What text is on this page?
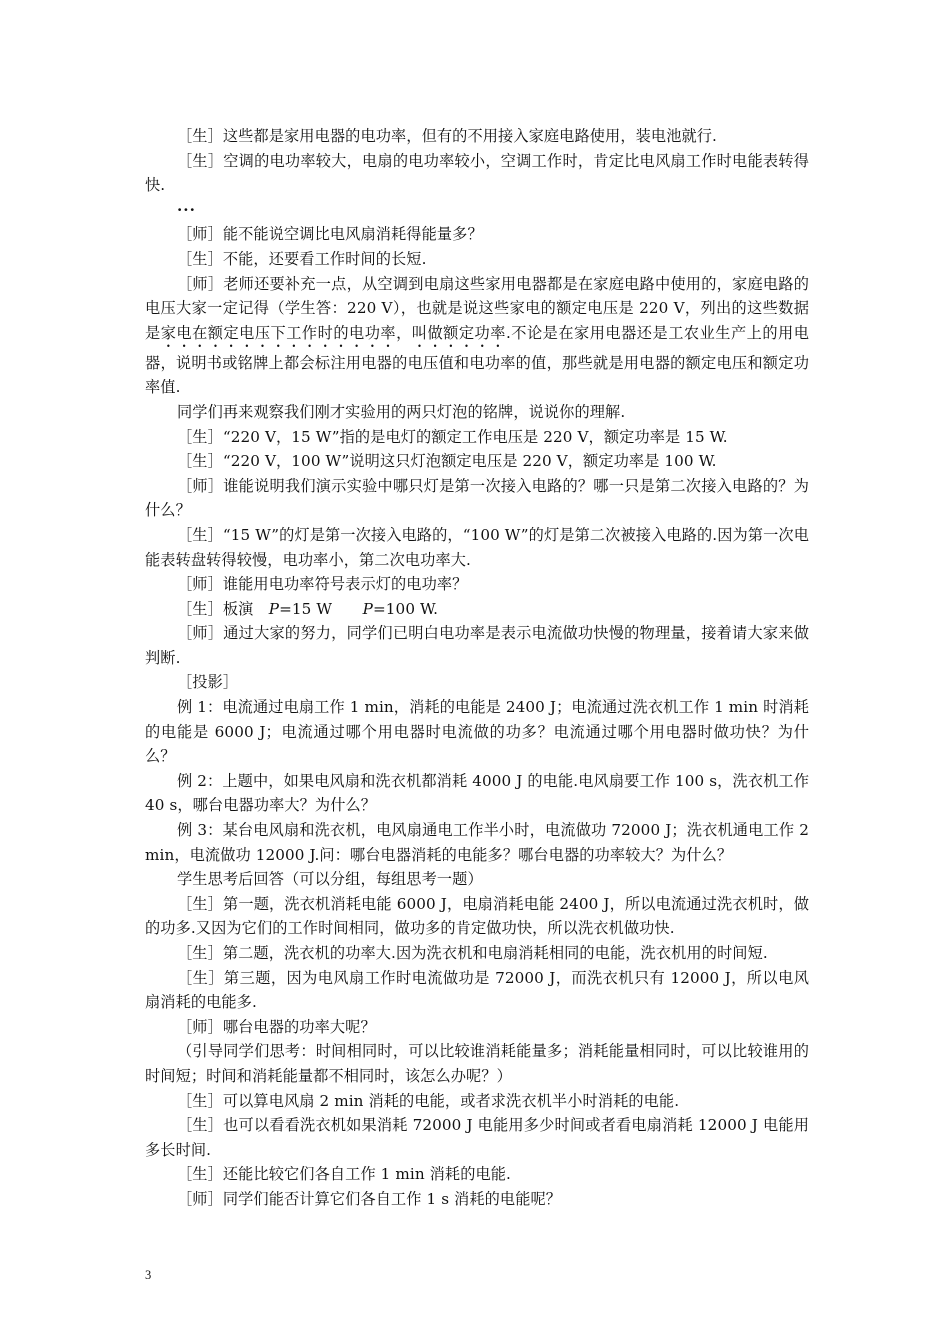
［生］这些都是家用电器的电功率，但有的不用接入家庭电路使用，装电池就行.

［生］空调的电功率较大，电扇的电功率较小，空调工作时，肯定比电风扇工作时电能表转得快.

···

［师］能不能说空调比电风扇消耗得能量多？

［生］不能，还要看工作时间的长短.

［师］老师还要补充一点，从空调到电扇这些家用电器都是在家庭电路中使用的，家庭电路的电压大家一定记得（学生答：220 V），也就是说这些家电的额定电压是 220 V，列出的这些数据是家电在额定电压下工作时的电功率，叫做额定功率.不论是在家用电器还是工农业生产上的用电器，说明书或铭牌上都会标注用电器的电压值和电功率的值，那些就是用电器的额定电压和额定功率值.

同学们再来观察我们刚才实验用的两只灯泡的铭牌，说说你的理解.

［生］“220 V，15 W”指的是电灯的额定工作电压是 220 V，额定功率是 15 W.

［生］“220 V，100 W”说明这只灯泡额定电压是 220 V，额定功率是 100 W.

［师］谁能说明我们演示实验中哪只灯是第一次接入电路的？哪一只是第二次接入电路的？为什么？

［生］“15 W”的灯是第一次接入电路的，“100 W”的灯是第二次被接入电路的.因为第一次电能表转盘转得较慢，电功率小，第二次电功率大.

［师］谁能用电功率符号表示灯的电功率？

［生］板演　P=15 W　　P=100 W.

［师］通过大家的努力，同学们已明白电功率是表示电流做功快慢的物理量，接着请大家来做判断.

［投影］

例 1：电流通过电扇工作 1 min，消耗的电能是 2400 J；电流通过洗衣机工作 1 min 时消耗的电能是 6000 J；电流通过哪个用电器时电流做的功多？电流通过哪个用电器时做功快？为什么？

例 2：上题中，如果电风扇和洗衣机都消耗 4000 J 的电能.电风扇要工作 100 s，洗衣机工作 40 s，哪台电器功率大？为什么？

例 3：某台电风扇和洗衣机，电风扇通电工作半小时，电流做功 72000 J；洗衣机通电工作 2 min，电流做功 12000 J.问：哪台电器消耗的电能多？哪台电器的功率较大？为什么？

学生思考后回答（可以分组，每组思考一题）

［生］第一题，洗衣机消耗电能 6000 J，电扇消耗电能 2400 J，所以电流通过洗衣机时，做的功多.又因为它们的工作时间相同，做功多的肯定做功快，所以洗衣机做功快.

［生］第二题，洗衣机的功率大.因为洗衣机和电扇消耗相同的电能，洗衣机用的时间短.

［生］第三题，因为电风扇工作时电流做功是 72000 J，而洗衣机只有 12000 J，所以电风扇消耗的电能多.

［师］哪台电器的功率大呢？

（引导同学们思考：时间相同时，可以比较谁消耗能量多；消耗能量相同时，可以比较谁用的时间短；时间和消耗能量都不相同时，该怎么办呢？）

［生］可以算电风扇 2 min 消耗的电能，或者求洗衣机半小时消耗的电能.

［生］也可以看看洗衣机如果消耗 72000 J 电能用多少时间或者看电扇消耗 12000 J 电能用多长时间.

［生］还能比较它们各自工作 1 min 消耗的电能.

［师］同学们能否计算它们各自工作 1 s 消耗的电能呢？

3
